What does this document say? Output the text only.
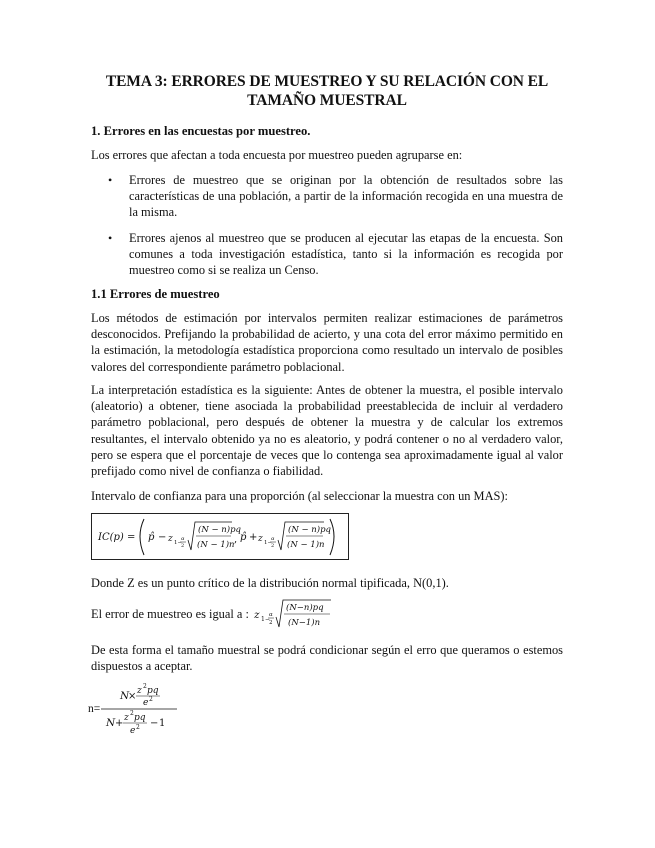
TEMA 3: ERRORES DE MUESTREO Y SU RELACIÓN CON EL TAMAÑO MUESTRAL
1. Errores en las encuestas por muestreo.

Los errores que afectan a toda encuesta por muestreo pueden agruparse en:

• Errores de muestreo que se originan por la obtención de resultados sobre las características de una población, a partir de la información recogida en una muestra de la misma.
• Errores ajenos al muestreo que se producen al ejecutar las etapas de la encuesta. Son comunes a toda investigación estadística, tanto si la información es recogida por muestreo como si se realiza un Censo.
1.1 Errores de muestreo

Los métodos de estimación por intervalos permiten realizar estimaciones de parámetros desconocidos. Prefijando la probabilidad de acierto, y una cota del error máximo permitido en la estimación, la metodología estadística proporciona como resultado un intervalo de posibles valores del correspondiente parámetro poblacional.

La interpretación estadística es la siguiente: Antes de obtener la muestra, el posible intervalo (aleatorio) a obtener, tiene asociada la probabilidad preestablecida de incluir al verdadero parámetro poblacional, pero después de obtener la muestra y de calcular los extremos resultantes, el intervalo obtenido ya no es aleatorio, y podrá contener o no al verdadero valor, pero se espera que el porcentaje de veces que lo contenga sea aproximadamente igual al valor prefijado como nivel de confianza o fiabilidad.

Intervalo de confianza para una proporción (al seleccionar la muestra con un MAS):

IC(p) = p̂ − z 1−
α
2
(N − n)pq
(N − 1)n , p̂ + z 1−
α
2
(N − n)pq
(N − 1)n

Donde Z es un punto crítico de la distribución normal tipificada, N(0,1).

El error de muestreo es igual a : z 1−
α
2
(N−n)pq
(N−1)n

De esta forma el tamaño muestral se podrá condicionar según el erro que queramos o estemos dispuestos a aceptar.

n=
N
× z 2 pq
e 2
N + z 2 pq
e 2 − 1
